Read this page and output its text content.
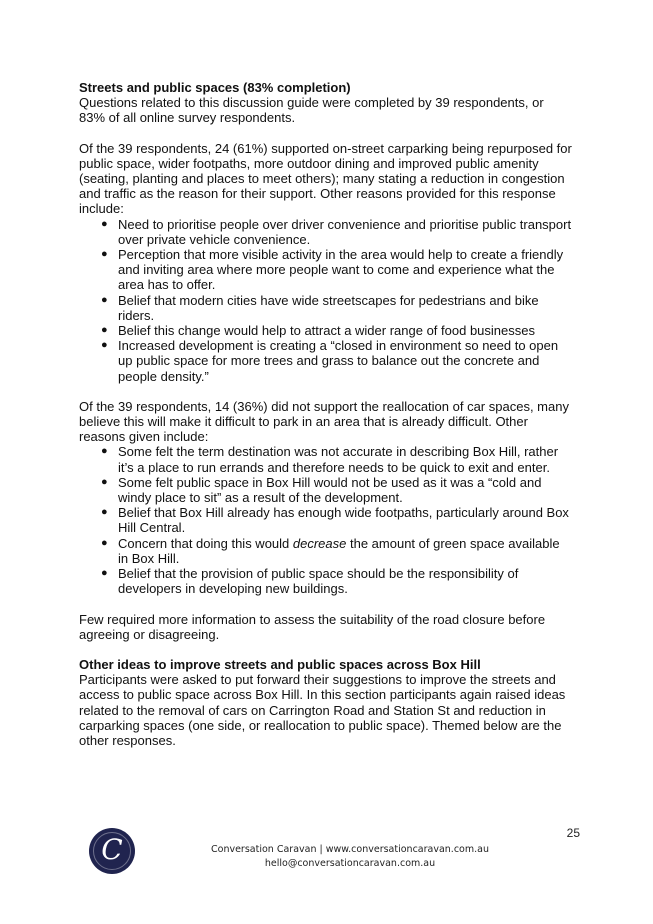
Streets and public spaces (83% completion)

Questions related to this discussion guide were completed by 39 respondents, or 83% of all online survey respondents.

Of the 39 respondents, 24 (61%) supported on-street carparking being repurposed for public space, wider footpaths, more outdoor dining and improved public amenity (seating, planting and places to meet others); many stating a reduction in congestion and traffic as the reason for their support. Other reasons provided for this response include:

● Need to prioritise people over driver convenience and prioritise public transport over private vehicle convenience.
● Perception that more visible activity in the area would help to create a friendly and inviting area where more people want to come and experience what the area has to offer.
● Belief that modern cities have wide streetscapes for pedestrians and bike riders.
● Belief this change would help to attract a wider range of food businesses
● Increased development is creating a “closed in environment so need to open up public space for more trees and grass to balance out the concrete and people density.”

Of the 39 respondents, 14 (36%) did not support the reallocation of car spaces, many believe this will make it difficult to park in an area that is already difficult. Other reasons given include:

● Some felt the term destination was not accurate in describing Box Hill, rather it’s a place to run errands and therefore needs to be quick to exit and enter.
● Some felt public space in Box Hill would not be used as it was a “cold and windy place to sit” as a result of the development.
● Belief that Box Hill already has enough wide footpaths, particularly around Box Hill Central.
● Concern that doing this would decrease the amount of green space available in Box Hill.
● Belief that the provision of public space should be the responsibility of developers in developing new buildings.

Few required more information to assess the suitability of the road closure before agreeing or disagreeing.

Other ideas to improve streets and public spaces across Box Hill

Participants were asked to put forward their suggestions to improve the streets and access to public space across Box Hill. In this section participants again raised ideas related to the removal of cars on Carrington Road and Station St and reduction in carparking spaces (one side, or reallocation to public space). Themed below are the other responses.

C	25
Conversation Caravan | www.conversationcaravan.com.au
hello@conversationcaravan.com.au
